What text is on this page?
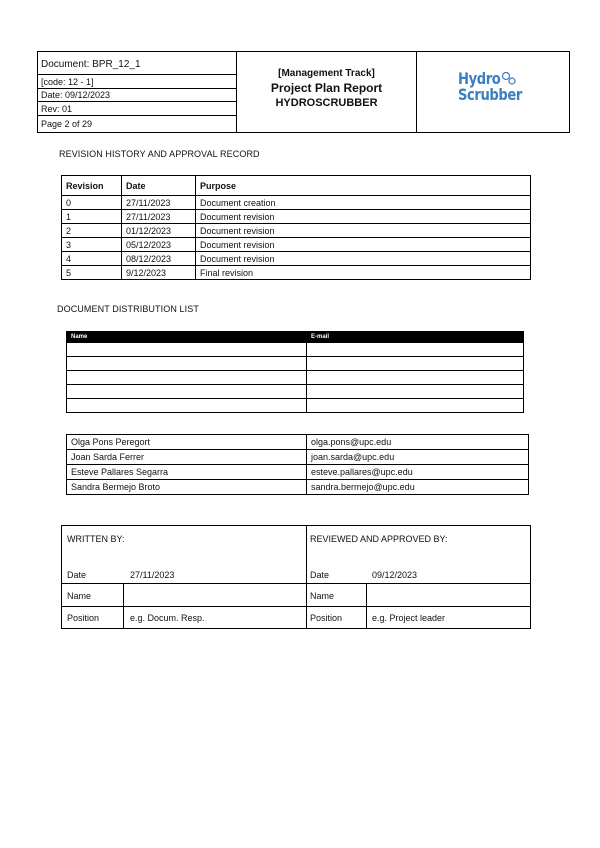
Document: BPR_12_1
[code: 12 - 1]
Date: 09/12/2023
Rev: 01
Page 2 of 29
[Management Track]
Project Plan Report
HYDROSCRUBBER
Hydro
Scrubber
REVISION HISTORY AND APPROVAL RECORD
Revision	Date	Purpose
0	27/11/2023	Document creation
1	27/11/2023	Document revision
2	01/12/2023	Document revision
3	05/12/2023	Document revision
4	08/12/2023	Document revision
5	9/12/2023	Final revision
DOCUMENT DISTRIBUTION LIST
Name	E-mail

Olga Pons Peregort	olga.pons@upc.edu
Joan Sarda Ferrer	joan.sarda@upc.edu
Esteve Pallares Segarra	esteve.pallares@upc.edu
Sandra Bermejo Broto	sandra.bermejo@upc.edu
WRITTEN BY:	REVIEWED AND APPROVED BY:
Date	27/11/2023	Date	09/12/2023
Name	Name
Position	e.g. Docum. Resp.	Position	e.g. Project leader
